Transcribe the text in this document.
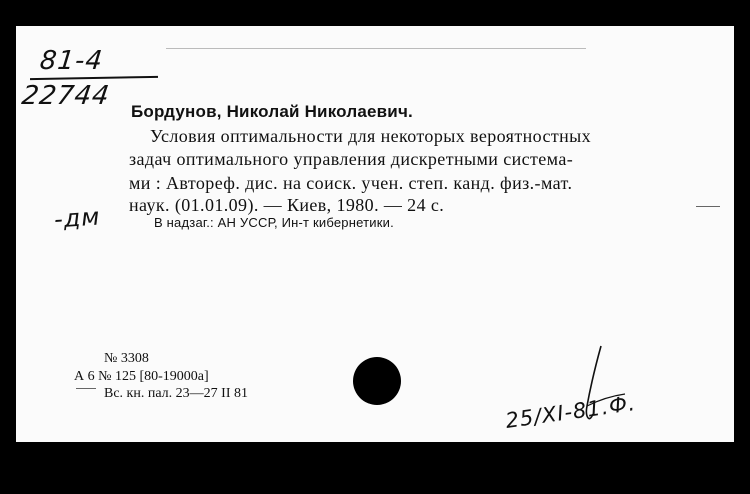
81-4
22744
-дм
Бордунов, Николай Николаевич.
Условия оптимальности для некоторых вероятностных
задач оптимального управления дискретными система-
ми : Автореф. дис. на соиск. учен. степ. канд. физ.-мат.
наук. (01.01.09). — Киев, 1980. — 24 с.
В надзаг.: АН УССР, Ин-т кибернетики.
№ 3308
А 6 № 125 [80-19000а]
Вс. кн. пал. 23—27 II 81	25/XI-81.Ф.
